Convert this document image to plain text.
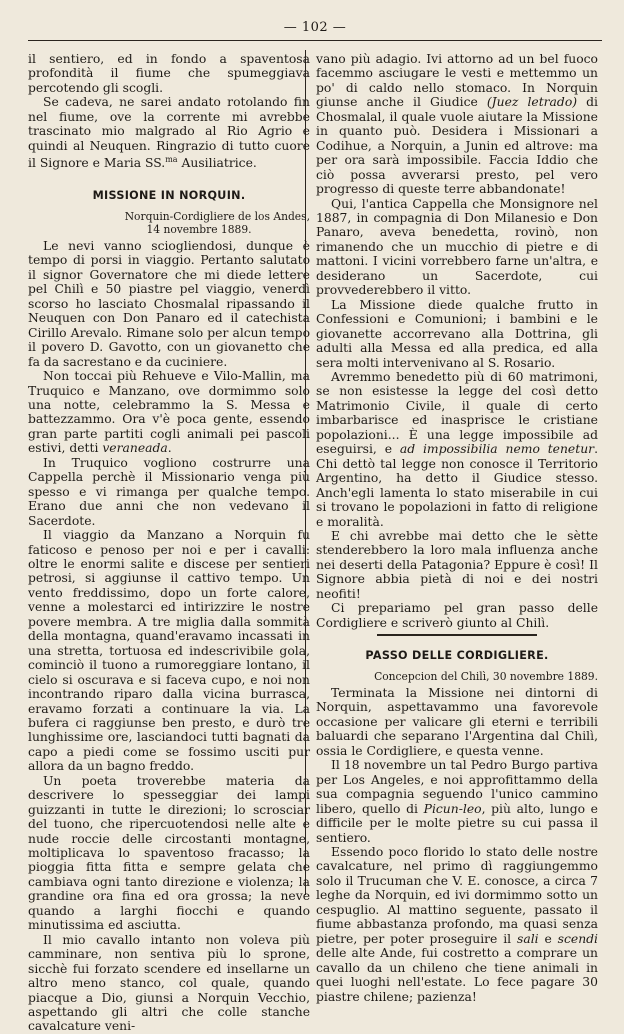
— 102 —

il sentiero, ed in fondo a spaventosa profondità il fiume che spumeggiava percotendo gli scogli.

Se cadeva, ne sarei andato rotolando fin nel fiume, ove la corrente mi avrebbe trascinato mio malgrado al Rio Agrio e quindi al Neuquen. Ringrazio di tutto cuore il Signore e Maria SS.$^{ma}$ Ausiliatrice.

MISSIONE IN NORQUIN.
Norquin-Cordigliere de los Andes,
14 novembre 1889.

Le nevi vanno sciogliendosi, dunque è tempo di porsi in viaggio. Pertanto salutato il signor Governatore che mi diede lettere pel Chilì e 50 piastre pel viaggio, venerdì scorso ho lasciato Chosmalal ripassando il Neuquen con Don Panaro ed il catechista Cirillo Arevalo. Rimane solo per alcun tempo il povero D. Gavotto, con un giovanetto che fa da sacrestano e da cuciniere.

Non toccai più Rehueve e Vilo-Mallin, ma Truquico e Manzano, ove dormimmo solo una notte, celebrammo la S. Messa e battezzammo. Ora v'è poca gente, essendo gran parte partiti cogli animali pei pascoli estivi, detti veraneada.

In Truquico vogliono costrurre una Cappella perchè il Missionario venga più spesso e vi rimanga per qualche tempo. Erano due anni che non vedevano il Sacerdote.

Il viaggio da Manzano a Norquin fu faticoso e penoso per noi e per i cavalli: oltre le enormi salite e discese per sentieri petrosi, si aggiunse il cattivo tempo. Un vento freddissimo, dopo un forte calore, venne a molestarci ed intirizzire le nostre povere membra. A tre miglia dalla sommità della montagna, quand'eravamo incassati in una stretta, tortuosa ed indescrivibile gola, cominciò il tuono a rumoreggiare lontano, il cielo si oscurava e si faceva cupo, e noi non incontrando riparo dalla vicina burrasca, eravamo forzati a continuare la via. La bufera ci raggiunse ben presto, e durò tre lunghissime ore, lasciandoci tutti bagnati da capo a piedi come se fossimo usciti pur allora da un bagno freddo.

Un poeta troverebbe materia da descrivere lo spesseggiar dei lampi guizzanti in tutte le direzioni; lo scrosciar del tuono, che ripercuotendosi nelle alte e nude roccie delle circostanti montagne, moltiplicava lo spaventoso fracasso; la pioggia fitta fitta e sempre gelata che cambiava ogni tanto direzione e violenza; la grandine ora fina ed ora grossa; la neve quando a larghi fiocchi e quando minutissima ed asciutta.

Il mio cavallo intanto non voleva più camminare, non sentiva più lo sprone, sicchè fui forzato scendere ed insellarne un altro meno stanco, col quale, quando piacque a Dio, giunsi a Norquin Vecchio, aspettando gli altri che colle stanche cavalcature veni-

vano più adagio. Ivi attorno ad un bel fuoco facemmo asciugare le vesti e mettemmo un po' di caldo nello stomaco. In Norquin giunse anche il Giudice (Juez letrado) di Chosmalal, il quale vuole aiutare la Missione in quanto può. Desidera i Missionari a Codihue, a Norquin, a Junin ed altrove: ma per ora sarà impossibile. Faccia Iddio che ciò possa avverarsi presto, pel vero progresso di queste terre abbandonate!

Qui, l'antica Cappella che Monsignore nel 1887, in compagnia di Don Milanesio e Don Panaro, aveva benedetta, rovinò, non rimanendo che un mucchio di pietre e di mattoni. I vicini vorrebbero farne un'altra, e desiderano un Sacerdote, cui provvederebbero il vitto.

La Missione diede qualche frutto in Confessioni e Comunioni; i bambini e le giovanette accorrevano alla Dottrina, gli adulti alla Messa ed alla predica, ed alla sera molti intervenivano al S. Rosario.

Avremmo benedetto più di 60 matrimoni, se non esistesse la legge del così detto Matrimonio Civile, il quale di certo imbarbarisce ed inasprisce le cristiane popolazioni... È una legge impossibile ad eseguirsi, e ad impossibilia nemo tenetur. Chi dettò tal legge non conosce il Territorio Argentino, ha detto il Giudice stesso. Anch'egli lamenta lo stato miserabile in cui si trovano le popolazioni in fatto di religione e moralità.

E chi avrebbe mai detto che le sètte stenderebbero la loro mala influenza anche nei deserti della Patagonia? Eppure è così! Il Signore abbia pietà di noi e dei nostri neofiti!

Ci prepariamo pel gran passo delle Cordigliere e scriverò giunto al Chilì.

PASSO DELLE CORDIGLIERE.
Concepcion del Chilì, 30 novembre 1889.

Terminata la Missione nei dintorni di Norquin, aspettavammo una favorevole occasione per valicare gli eterni e terribili baluardi che separano l'Argentina dal Chilì, ossia le Cordigliere, e questa venne.

Il 18 novembre un tal Pedro Burgo partiva per Los Angeles, e noi approfittammo della sua compagnia seguendo l'unico cammino libero, quello di Picun-leo, più alto, lungo e difficile per le molte pietre su cui passa il sentiero.

Essendo poco florido lo stato delle nostre cavalcature, nel primo dì raggiungemmo solo il Trucuman che V. E. conosce, a circa 7 leghe da Norquin, ed ivi dormimmo sotto un cespuglio. Al mattino seguente, passato il fiume abbastanza profondo, ma quasi senza pietre, per poter proseguire il sali e scendi delle alte Ande, fui costretto a comprare un cavallo da un chileno che tiene animali in quei luoghi nell'estate. Lo fece pagare 30 piastre chilene; pazienza!
